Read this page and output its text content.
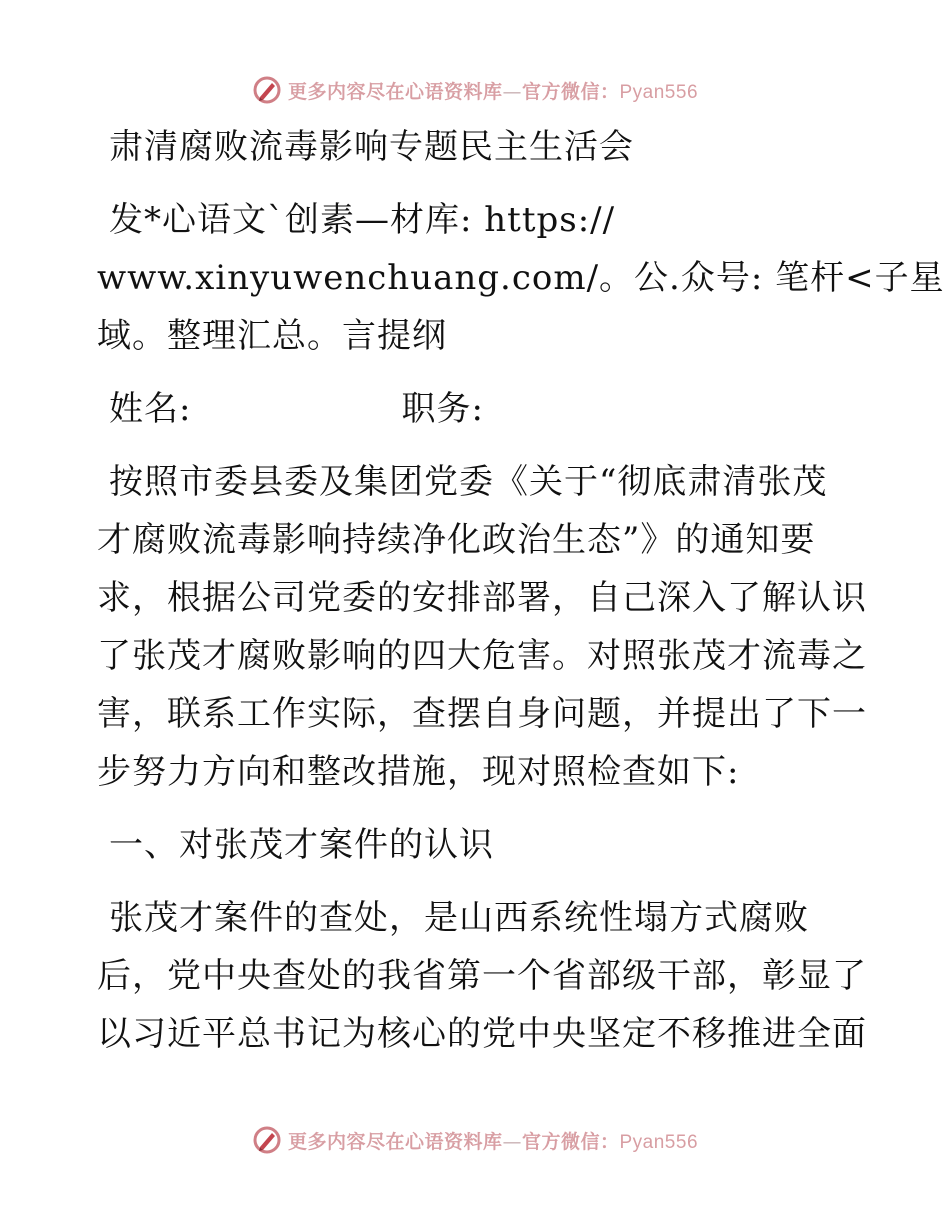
更多内容尽在心语资料库—官方微信：Pyan556

肃清腐败流毒影响专题民主生活会

发*心语文`创素—材库: https://
www.xinyuwenchuang.com/。公.众号: 笔杆<子星
域。整理汇总。言提纲

姓名:	职务:

按照市委县委及集团党委《关于“彻底肃清张茂
才腐败流毒影响持续净化政治生态”》的通知要
求，根据公司党委的安排部署，自己深入了解认识
了张茂才腐败影响的四大危害。对照张茂才流毒之
害，联系工作实际，查摆自身问题，并提出了下一
步努力方向和整改措施，现对照检查如下:

一、对张茂才案件的认识

张茂才案件的查处，是山西系统性塌方式腐败
后，党中央查处的我省第一个省部级干部，彰显了
以习近平总书记为核心的党中央坚定不移推进全面

更多内容尽在心语资料库—官方微信：Pyan556
